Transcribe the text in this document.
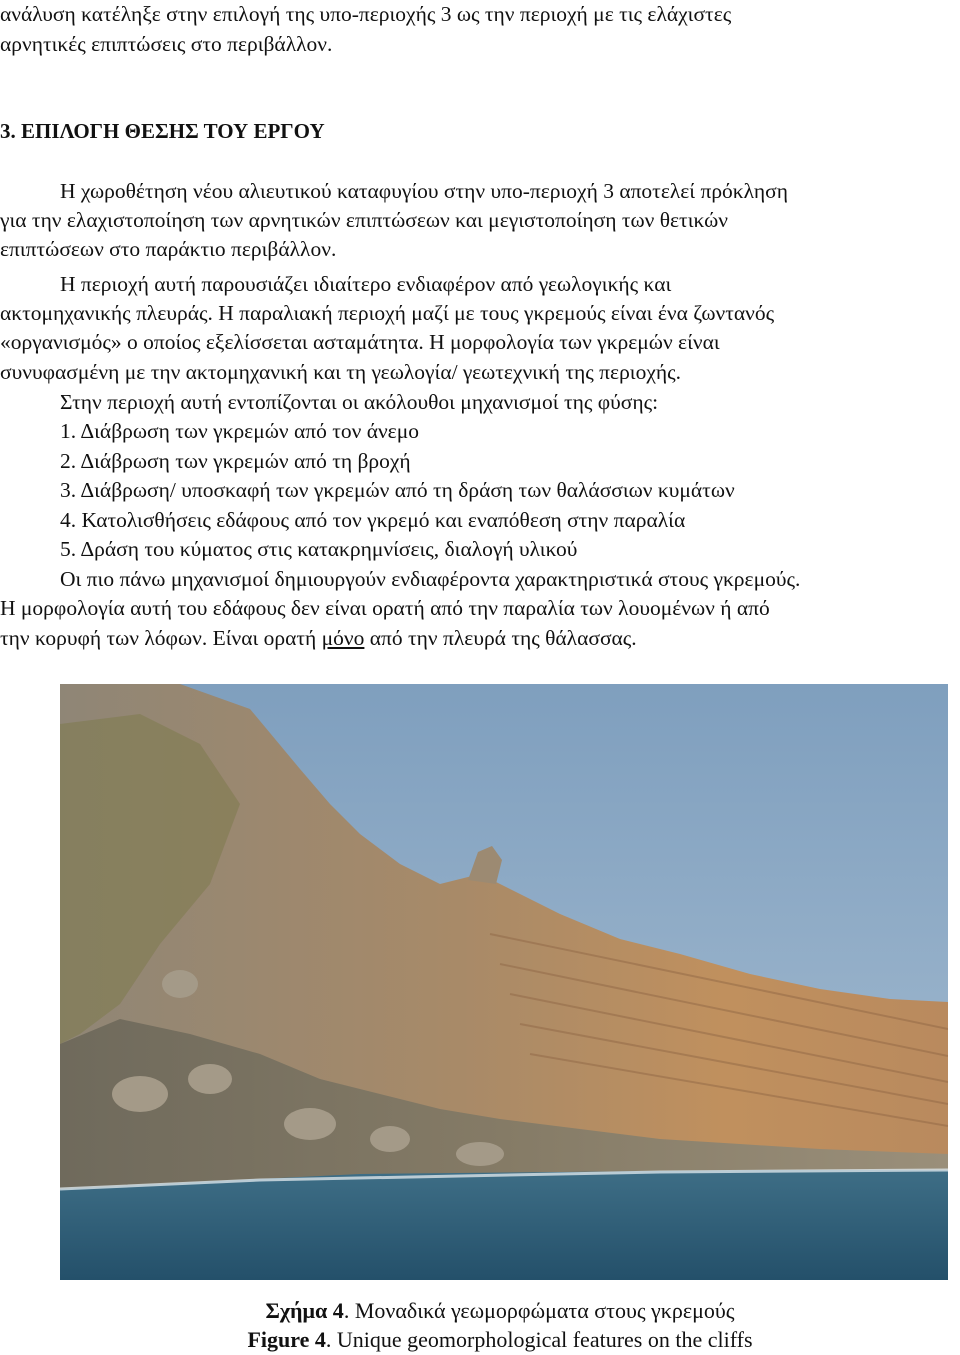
ανάλυση κατέληξε στην επιλογή της υπο-περιοχής 3 ως την περιοχή με τις ελάχιστες
αρνητικές επιπτώσεις στο περιβάλλον.
3. ΕΠΙΛΟΓΗ ΘΕΣΗΣ ΤΟΥ ΕΡΓΟΥ
Η χωροθέτηση νέου αλιευτικού καταφυγίου στην υπο-περιοχή 3 αποτελεί πρόκληση
για την ελαχιστοποίηση των αρνητικών επιπτώσεων και μεγιστοποίηση των θετικών
επιπτώσεων στο παράκτιο περιβάλλον.
Η περιοχή αυτή παρουσιάζει ιδιαίτερο ενδιαφέρον από γεωλογικής και
ακτομηχανικής πλευράς. Η παραλιακή περιοχή μαζί με τους γκρεμούς είναι ένα ζωντανός
«οργανισμός» ο οποίος εξελίσσεται ασταμάτητα. Η μορφολογία των γκρεμών είναι
συνυφασμένη με την ακτομηχανική και τη γεωλογία/ γεωτεχνική της περιοχής.
Στην περιοχή αυτή εντοπίζονται οι ακόλουθοι μηχανισμοί της φύσης:
1. Διάβρωση των γκρεμών από τον άνεμο
2. Διάβρωση των γκρεμών από τη βροχή
3. Διάβρωση/ υποσκαφή των γκρεμών από τη δράση των θαλάσσιων κυμάτων
4. Κατολισθήσεις εδάφους από τον γκρεμό και εναπόθεση στην παραλία
5. Δράση του κύματος στις κατακρημνίσεις, διαλογή υλικού
Οι πιο πάνω μηχανισμοί δημιουργούν ενδιαφέροντα χαρακτηριστικά στους γκρεμούς.
Η μορφολογία αυτή του εδάφους δεν είναι ορατή από την παραλία των λουομένων ή από
την κορυφή των λόφων. Είναι ορατή μόνο από την πλευρά της θάλασσας.
Σχήμα 4. Μοναδικά γεωμορφώματα στους γκρεμούς
Figure 4. Unique geomorphological features on the cliffs
